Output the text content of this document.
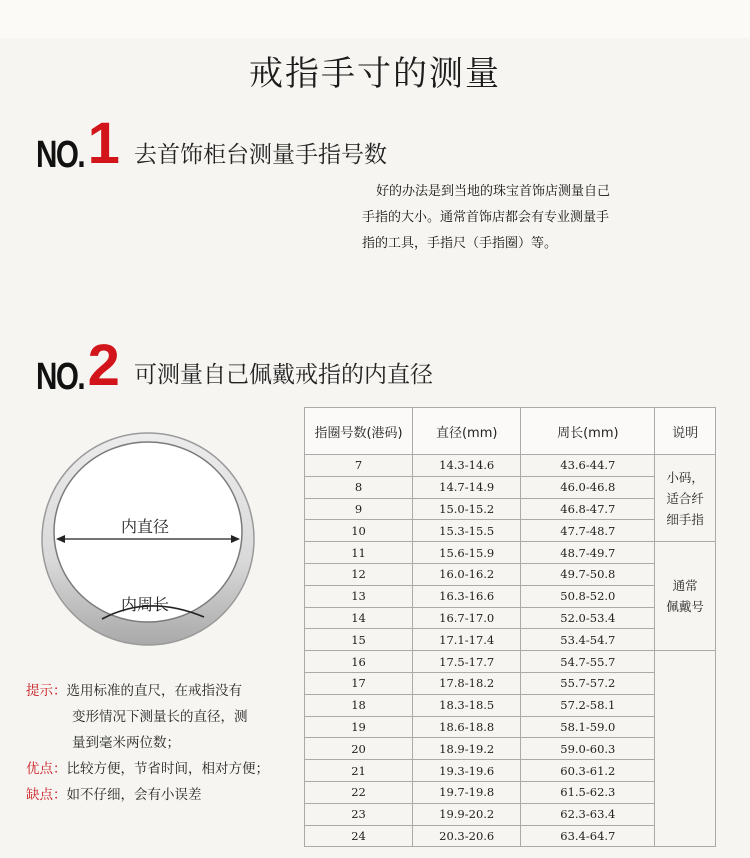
戒指手寸的测量
NO.1 去首饰柜台测量手指号数
好的办法是到当地的珠宝首饰店测量自己
手指的大小。通常首饰店都会有专业测量手
指的工具，手指尺（手指圈）等。
NO.2 可测量自己佩戴戒指的内直径
内直径
内周长
提示：选用标准的直尺，在戒指没有
变形情况下测量长的直径，测
量到毫米两位数；
优点：比较方便，节省时间，相对方便；
缺点：如不仔细，会有小误差
指圈号数(港码)	直径(mm)	周长(mm)	说明
7	14.3-14.6	43.6-44.7	小码，
适合纤
细手指

8	14.7-14.9	46.0-46.8	
9	15.0-15.2	46.8-47.7	
10	15.3-15.5	47.7-48.7	
11	15.6-15.9	48.7-49.7	通常
佩戴号

12	16.0-16.2	49.7-50.8	
13	16.3-16.6	50.8-52.0	
14	16.7-17.0	52.0-53.4	
15	17.1-17.4	53.4-54.7	
16	17.5-17.7	54.7-55.7	
17	17.8-18.2	55.7-57.2	
18	18.3-18.5	57.2-58.1	
19	18.6-18.8	58.1-59.0	
20	18.9-19.2	59.0-60.3	
21	19.3-19.6	60.3-61.2	
22	19.7-19.8	61.5-62.3	
23	19.9-20.2	62.3-63.4	
24	20.3-20.6	63.4-64.7	
